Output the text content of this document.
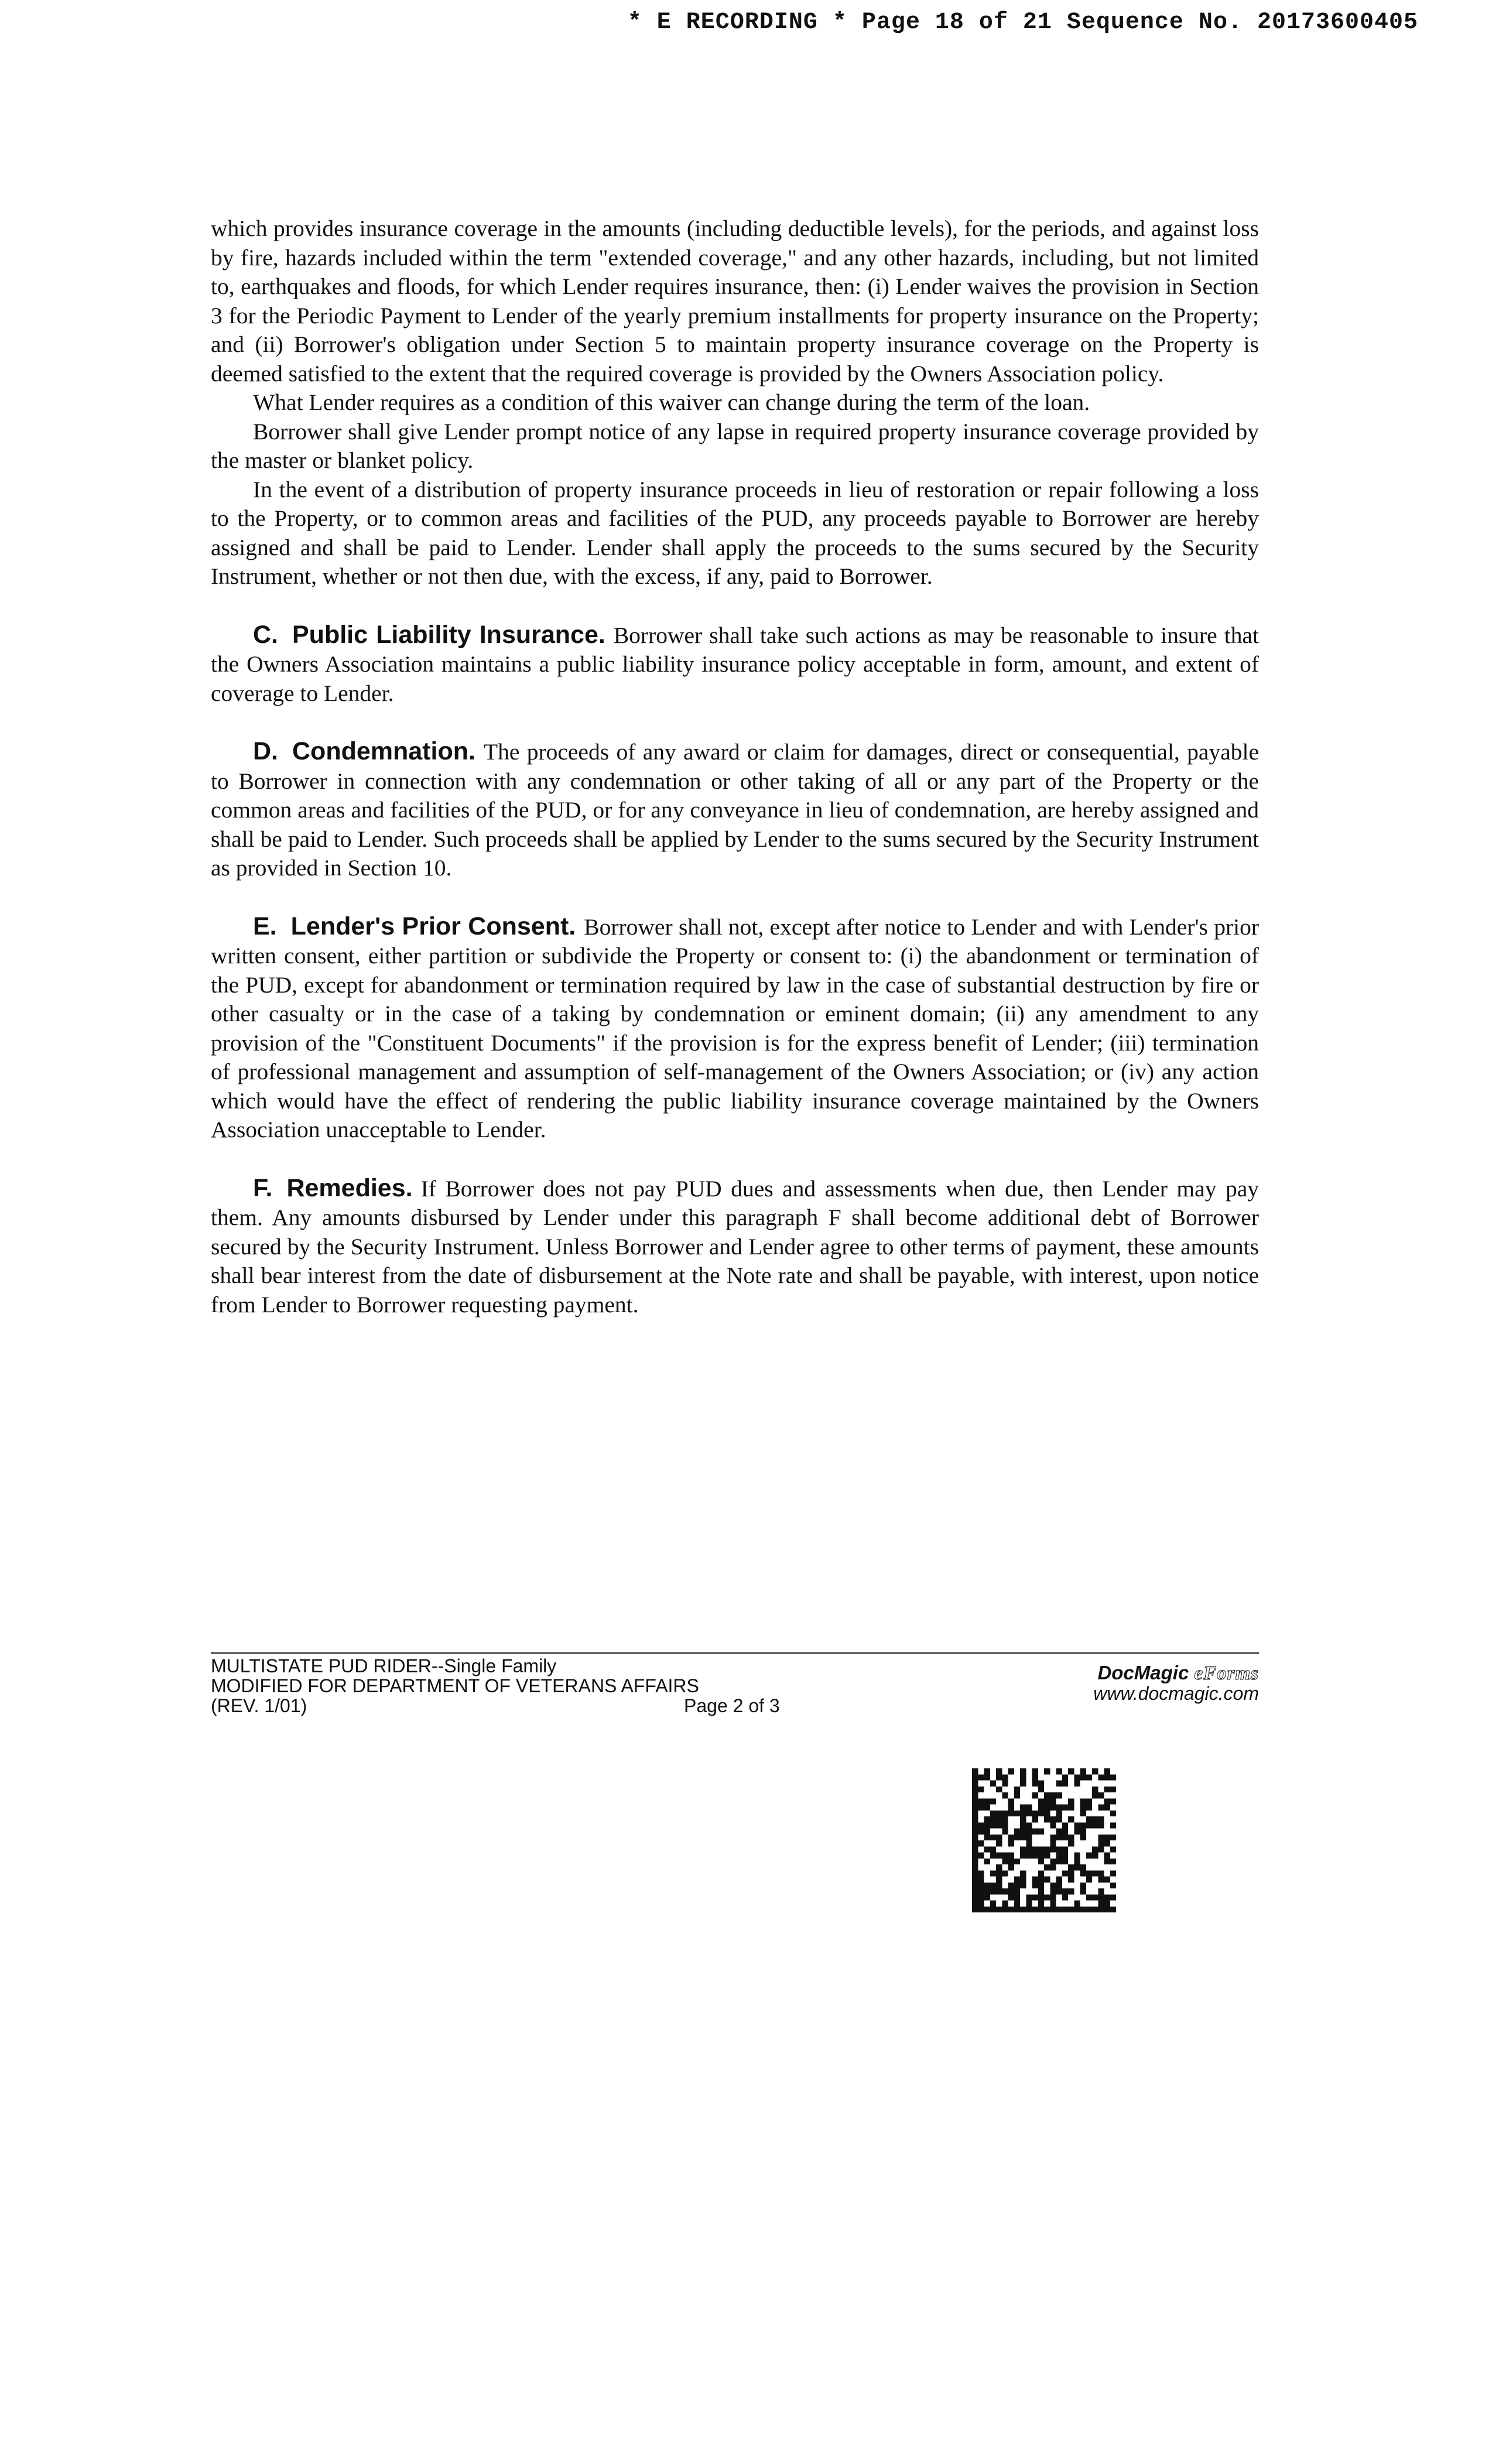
* E RECORDING * Page 18 of 21 Sequence No. 20173600405

which provides insurance coverage in the amounts (including deductible levels), for the periods, and against loss by fire, hazards included within the term "extended coverage," and any other hazards, including, but not limited to, earthquakes and floods, for which Lender requires insurance, then: (i) Lender waives the provision in Section 3 for the Periodic Payment to Lender of the yearly premium installments for property insurance on the Property; and (ii) Borrower's obligation under Section 5 to maintain property insurance coverage on the Property is deemed satisfied to the extent that the required coverage is provided by the Owners Association policy.

What Lender requires as a condition of this waiver can change during the term of the loan.

Borrower shall give Lender prompt notice of any lapse in required property insurance coverage provided by the master or blanket policy.

In the event of a distribution of property insurance proceeds in lieu of restoration or repair following a loss to the Property, or to common areas and facilities of the PUD, any proceeds payable to Borrower are hereby assigned and shall be paid to Lender. Lender shall apply the proceeds to the sums secured by the Security Instrument, whether or not then due, with the excess, if any, paid to Borrower.

C. Public Liability Insurance. Borrower shall take such actions as may be reasonable to insure that the Owners Association maintains a public liability insurance policy acceptable in form, amount, and extent of coverage to Lender.

D. Condemnation. The proceeds of any award or claim for damages, direct or consequential, payable to Borrower in connection with any condemnation or other taking of all or any part of the Property or the common areas and facilities of the PUD, or for any conveyance in lieu of condemnation, are hereby assigned and shall be paid to Lender. Such proceeds shall be applied by Lender to the sums secured by the Security Instrument as provided in Section 10.

E. Lender's Prior Consent. Borrower shall not, except after notice to Lender and with Lender's prior written consent, either partition or subdivide the Property or consent to: (i) the abandonment or termination of the PUD, except for abandonment or termination required by law in the case of substantial destruction by fire or other casualty or in the case of a taking by condemnation or eminent domain; (ii) any amendment to any provision of the "Constituent Documents" if the provision is for the express benefit of Lender; (iii) termination of professional management and assumption of self-management of the Owners Association; or (iv) any action which would have the effect of rendering the public liability insurance coverage maintained by the Owners Association unacceptable to Lender.

F. Remedies. If Borrower does not pay PUD dues and assessments when due, then Lender may pay them. Any amounts disbursed by Lender under this paragraph F shall become additional debt of Borrower secured by the Security Instrument. Unless Borrower and Lender agree to other terms of payment, these amounts shall bear interest from the date of disbursement at the Note rate and shall be payable, with interest, upon notice from Lender to Borrower requesting payment.

MULTISTATE PUD RIDER--Single Family
MODIFIED FOR DEPARTMENT OF VETERANS AFFAIRS
(REV. 1/01)	Page 2 of 3
DocMagic eForms
www.docmagic.com
